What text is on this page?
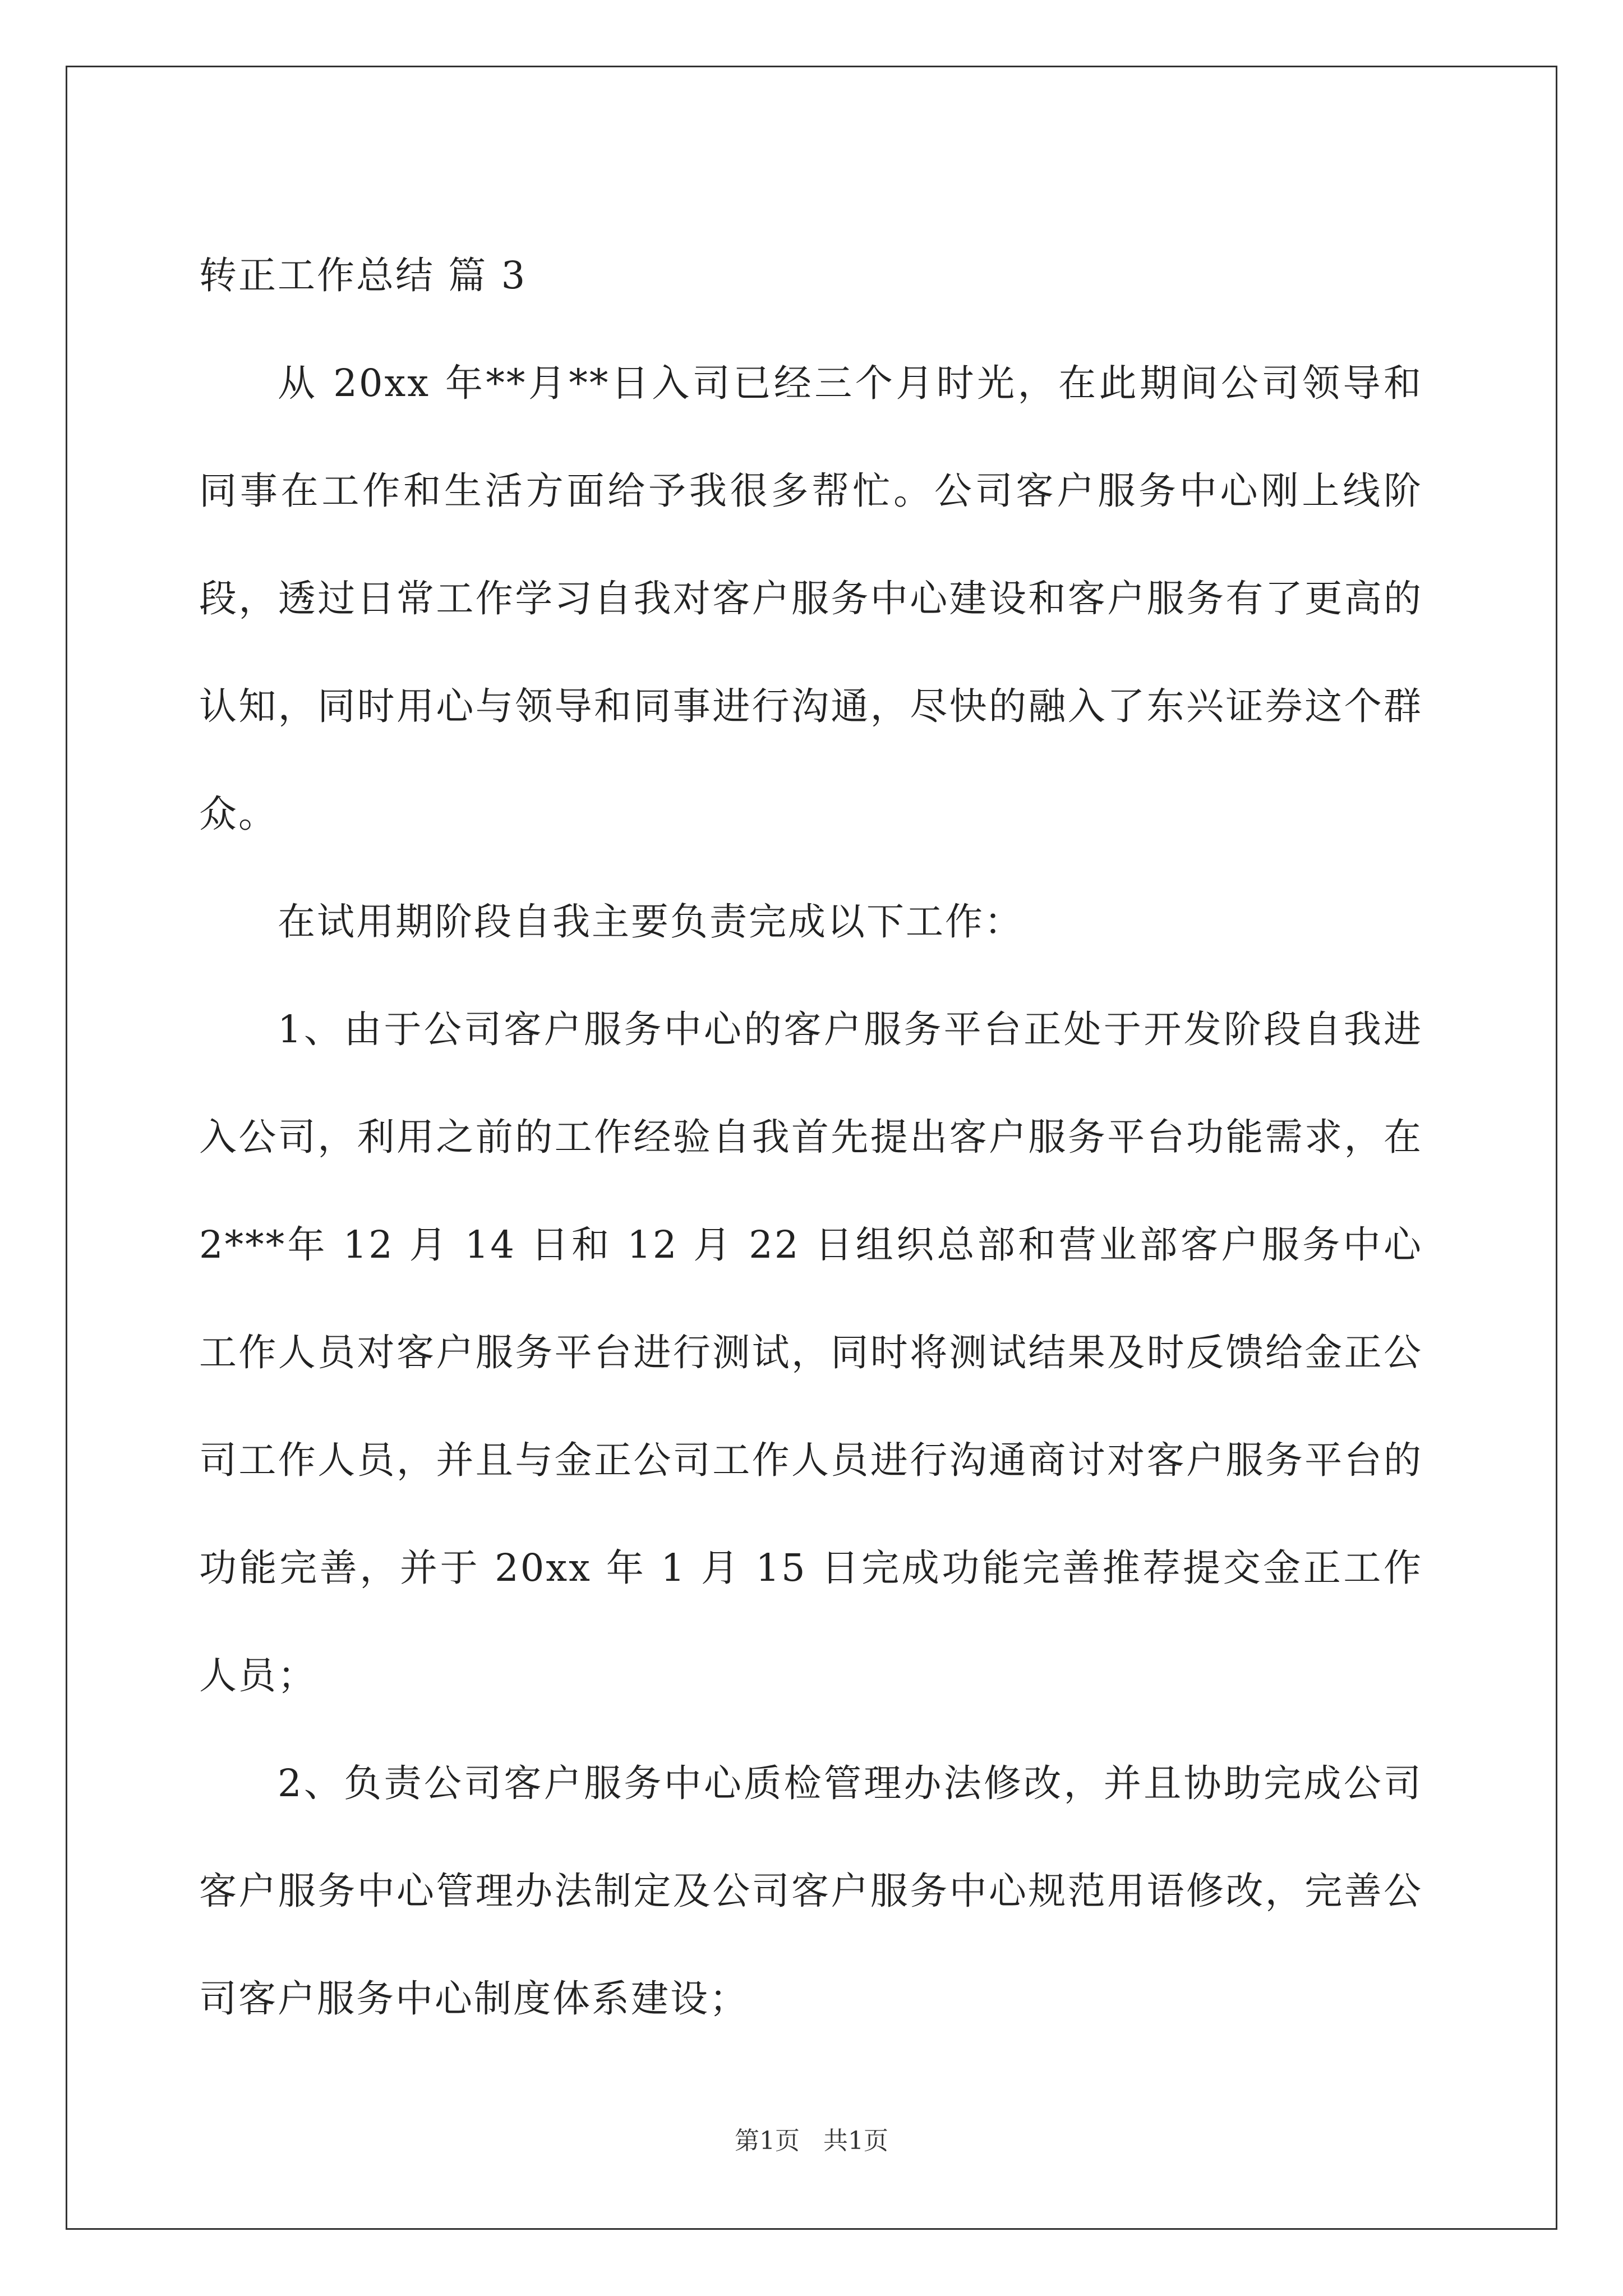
转正工作总结 篇 3

从 20xx 年**月**日入司已经三个月时光，在此期间公司领导和同事在工作和生活方面给予我很多帮忙。公司客户服务中心刚上线阶段，透过日常工作学习自我对客户服务中心建设和客户服务有了更高的认知，同时用心与领导和同事进行沟通，尽快的融入了东兴证券这个群众。

在试用期阶段自我主要负责完成以下工作：

1、由于公司客户服务中心的客户服务平台正处于开发阶段自我进入公司，利用之前的工作经验自我首先提出客户服务平台功能需求，在 2***年 12 月 14 日和 12 月 22 日组织总部和营业部客户服务中心工作人员对客户服务平台进行测试，同时将测试结果及时反馈给金正公司工作人员，并且与金正公司工作人员进行沟通商讨对客户服务平台的功能完善，并于 20xx 年 1 月 15 日完成功能完善推荐提交金正工作人员；

2、负责公司客户服务中心质检管理办法修改，并且协助完成公司客户服务中心管理办法制定及公司客户服务中心规范用语修改，完善公司客户服务中心制度体系建设；

第1页 共1页
